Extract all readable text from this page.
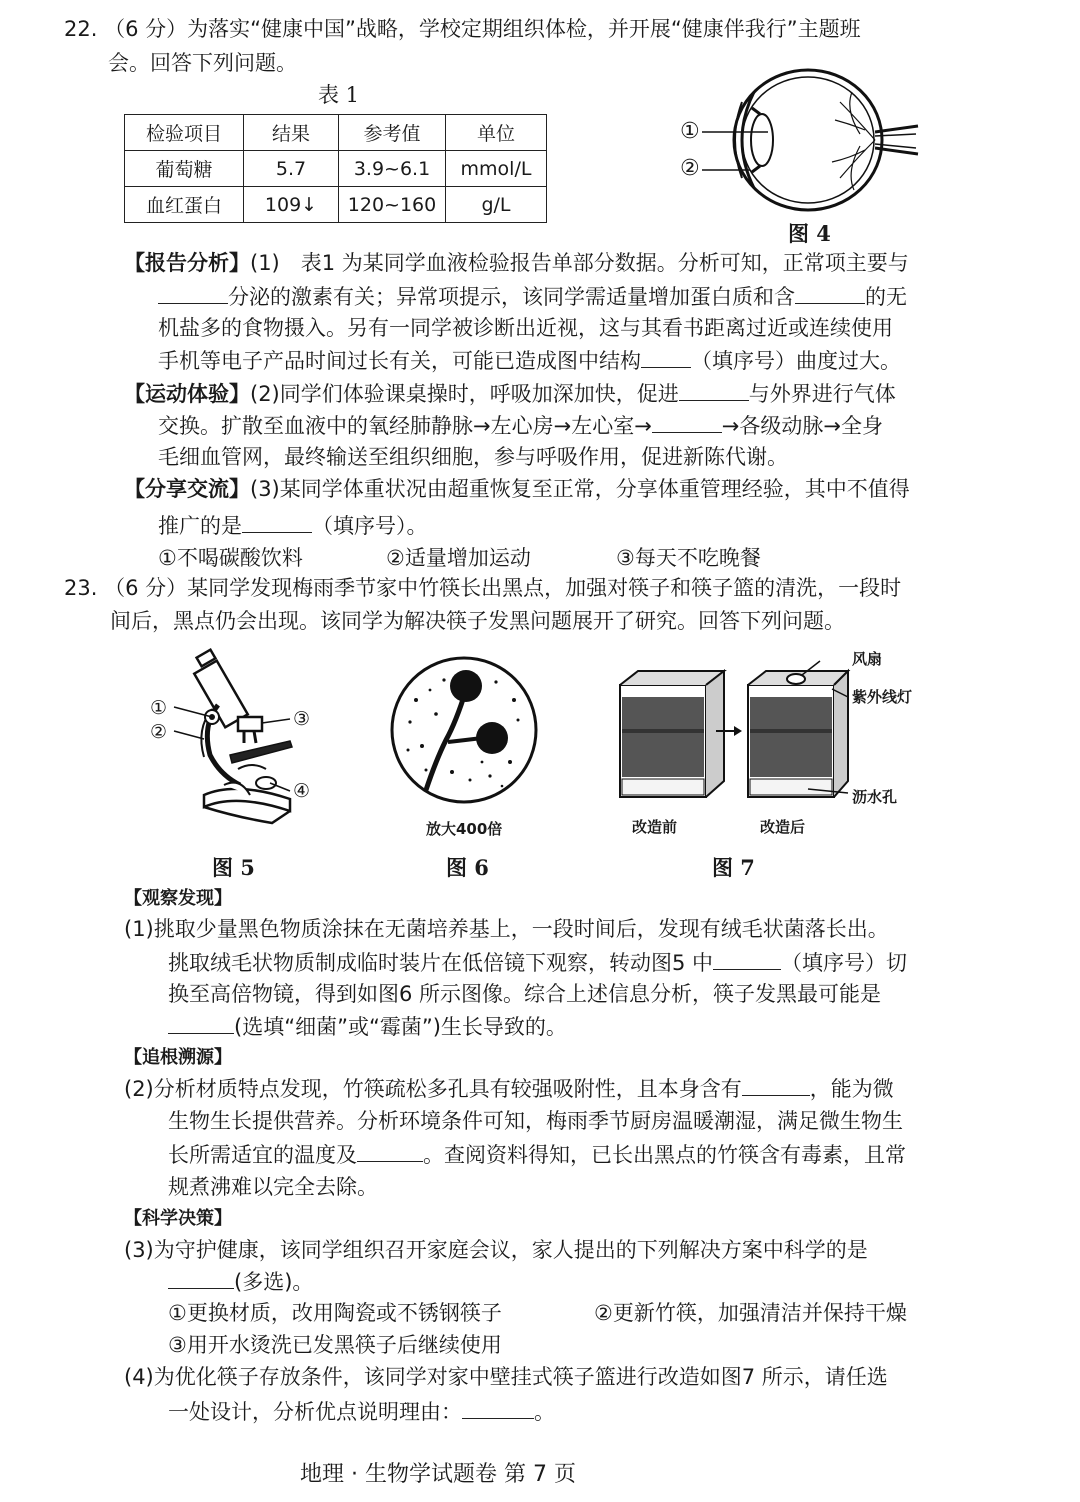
22. （6 分）为落实“健康中国”战略，学校定期组织体检，并开展“健康伴我行”主题班
会。回答下列问题。
表 1
检验项目	结果	参考值	单位
葡萄糖	5.7	3.9~6.1	mmol/L
血红蛋白	109↓	120~160	g/L
①
②
图 4
【报告分析】(1)　表1 为某同学血液检验报告单部分数据。分析可知，正常项主要与
分泌的激素有关；异常项提示，该同学需适量增加蛋白质和含	的无
机盐多的食物摄入。另有一同学被诊断出近视，这与其看书距离过近或连续使用
手机等电子产品时间过长有关，可能已造成图中结构 （填序号）曲度过大。
【运动体验】(2)同学们体验课桌操时，呼吸加深加快，促进	与外界进行气体
交换。扩散至血液中的氧经肺静脉→左心房→左心室→	→各级动脉→全身
毛细血管网，最终输送至组织细胞，参与呼吸作用，促进新陈代谢。
【分享交流】(3)某同学体重状况由超重恢复至正常，分享体重管理经验，其中不值得
推广的是	（填序号）。
①不喝碳酸饮料	②适量增加运动	③每天不吃晚餐
23. （6 分）某同学发现梅雨季节家中竹筷长出黑点，加强对筷子和筷子篮的清洗，一段时
间后，黑点仍会出现。该同学为解决筷子发黑问题展开了研究。回答下列问题。
①
②
③
④
图 5
放大400倍
图 6
风扇
紫外线灯
沥水孔
改造前	改造后
图 7
【观察发现】
(1)挑取少量黑色物质涂抹在无菌培养基上，一段时间后，发现有绒毛状菌落长出。
挑取绒毛状物质制成临时装片在低倍镜下观察，转动图5 中	（填序号）切
换至高倍物镜，得到如图6 所示图像。综合上述信息分析，筷子发黑最可能是
(选填“细菌”或“霉菌”)生长导致的。
【追根溯源】
(2)分析材质特点发现，竹筷疏松多孔具有较强吸附性，且本身含有	，能为微
生物生长提供营养。分析环境条件可知，梅雨季节厨房温暖潮湿，满足微生物生
长所需适宜的温度及	。查阅资料得知，已长出黑点的竹筷含有毒素，且常
规煮沸难以完全去除。
【科学决策】
(3)为守护健康，该同学组织召开家庭会议，家人提出的下列解决方案中科学的是
(多选)。
①更换材质，改用陶瓷或不锈钢筷子	②更新竹筷，加强清洁并保持干燥
③用开水烫洗已发黑筷子后继续使用
(4)为优化筷子存放条件，该同学对家中壁挂式筷子篮进行改造如图7 所示，请任选
一处设计，分析优点说明理由：	。
地理 · 生物学试题卷 第 7 页
